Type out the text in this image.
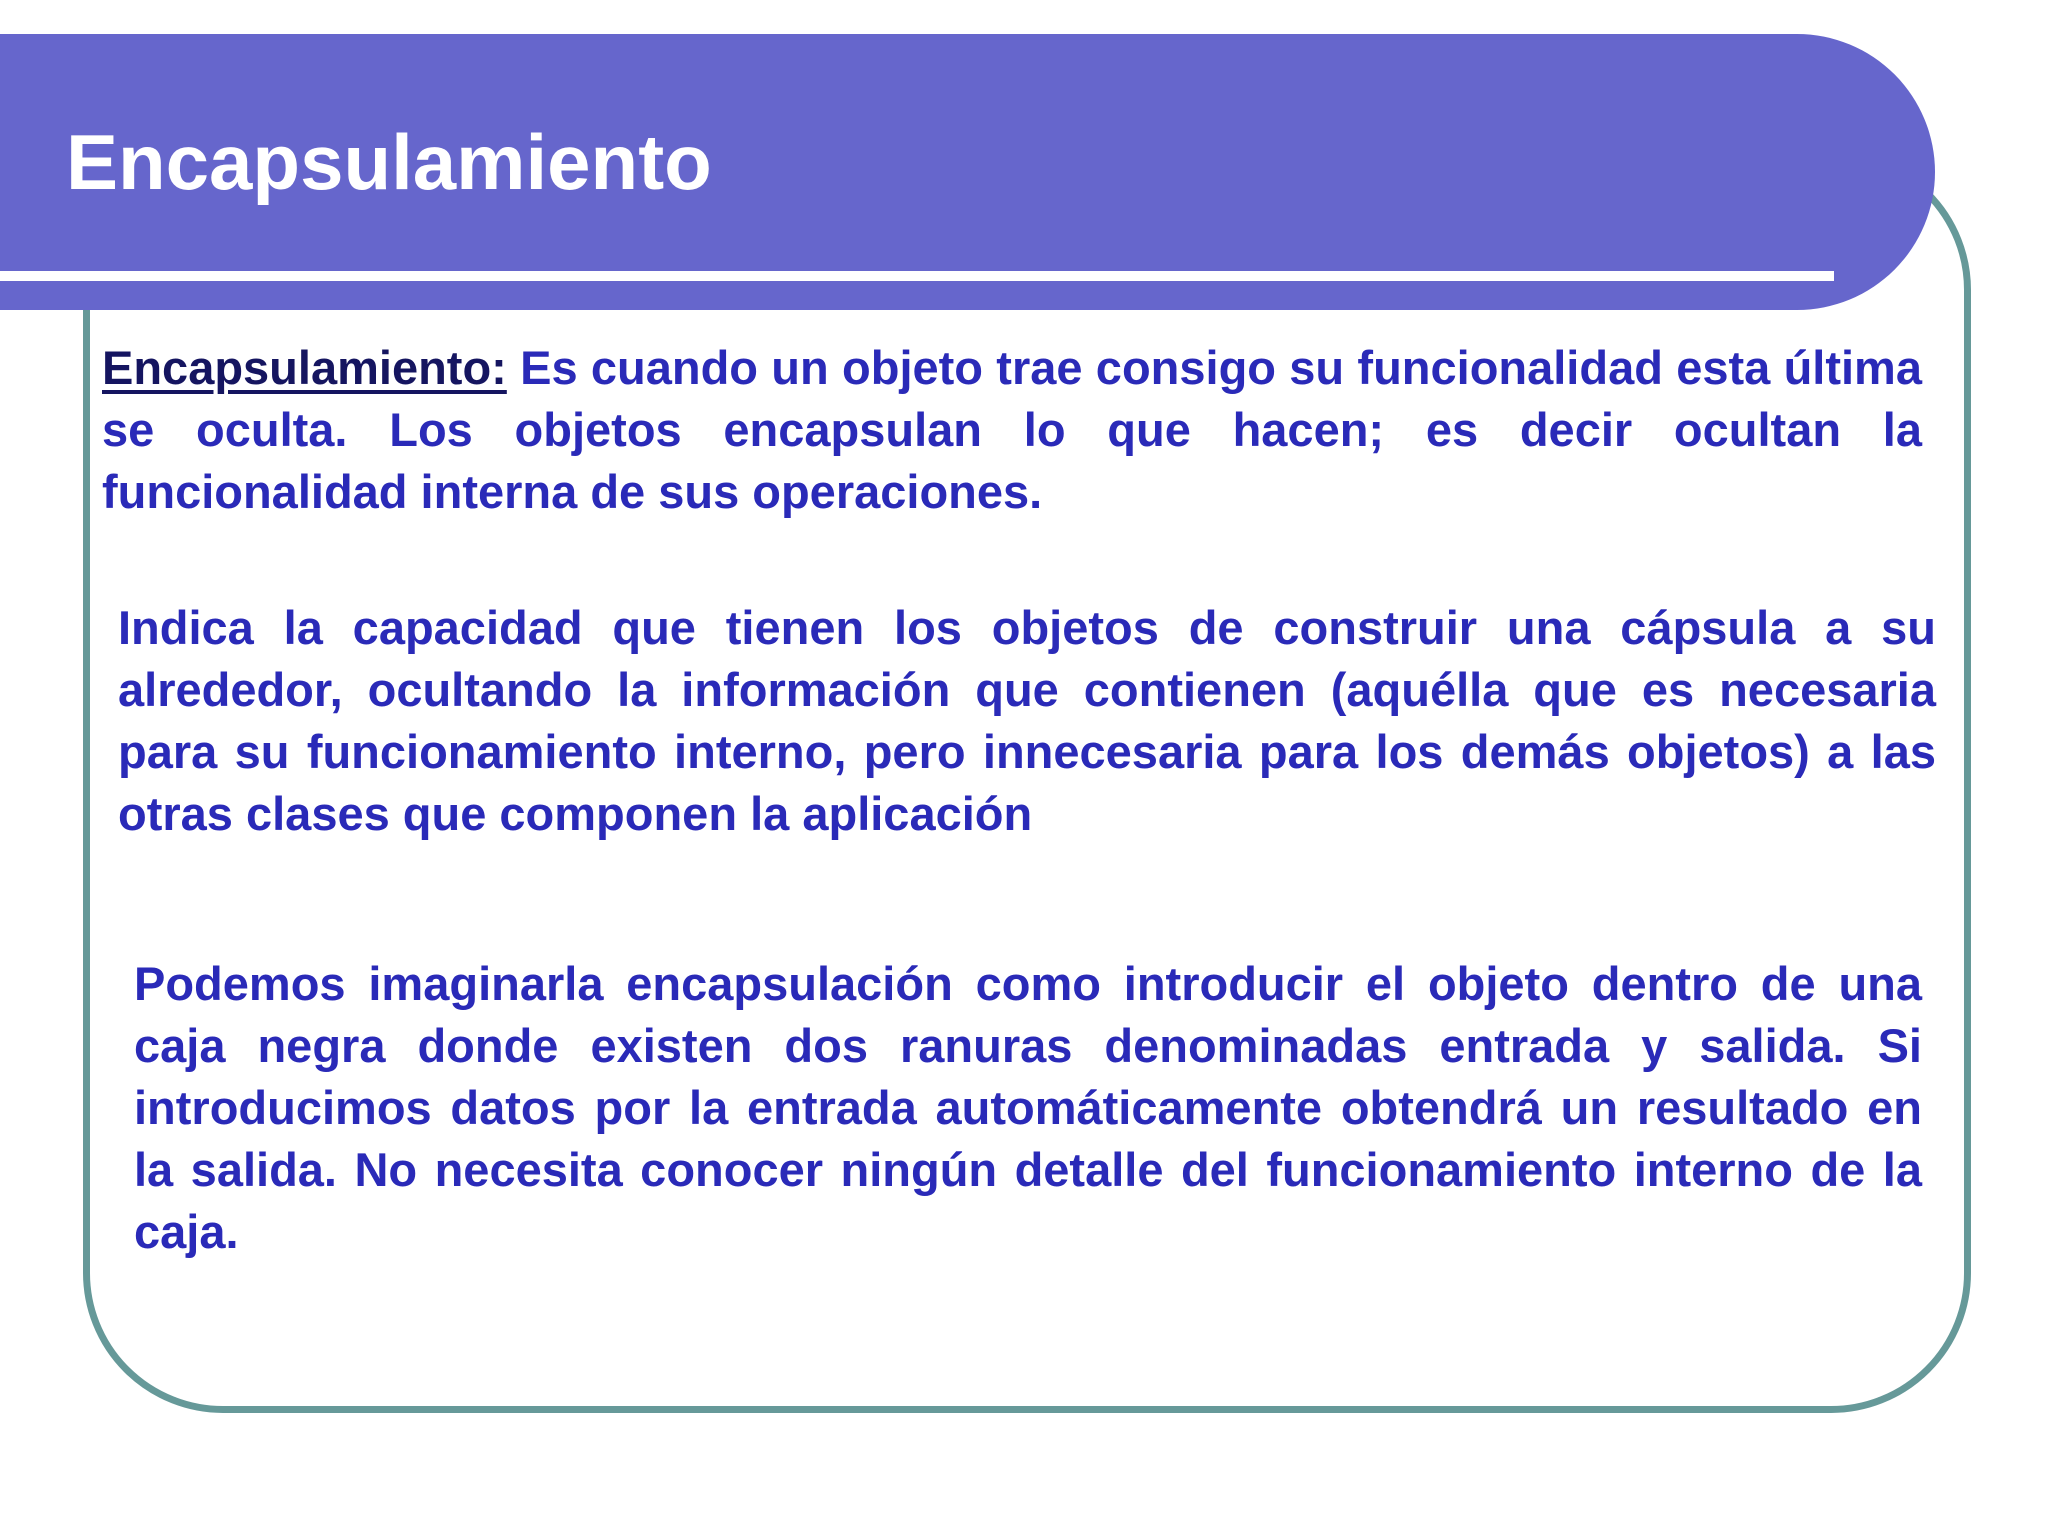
Encapsulamiento

Encapsulamiento: Es cuando un objeto trae consigo su funcionalidad esta última se oculta. Los objetos encapsulan lo que hacen; es decir ocultan la funcionalidad interna de sus operaciones.

Indica la capacidad que tienen los objetos de construir una cápsula a su alrededor, ocultando la información que contienen (aquélla que es necesaria para su funcionamiento interno, pero innecesaria para los demás objetos) a las otras clases que componen la aplicación

Podemos imaginarla encapsulación como introducir el objeto dentro de una caja negra donde existen dos ranuras denominadas entrada y salida. Si introducimos datos por la entrada automáticamente obtendrá un resultado en la salida. No necesita conocer ningún detalle del funcionamiento interno de la caja.
